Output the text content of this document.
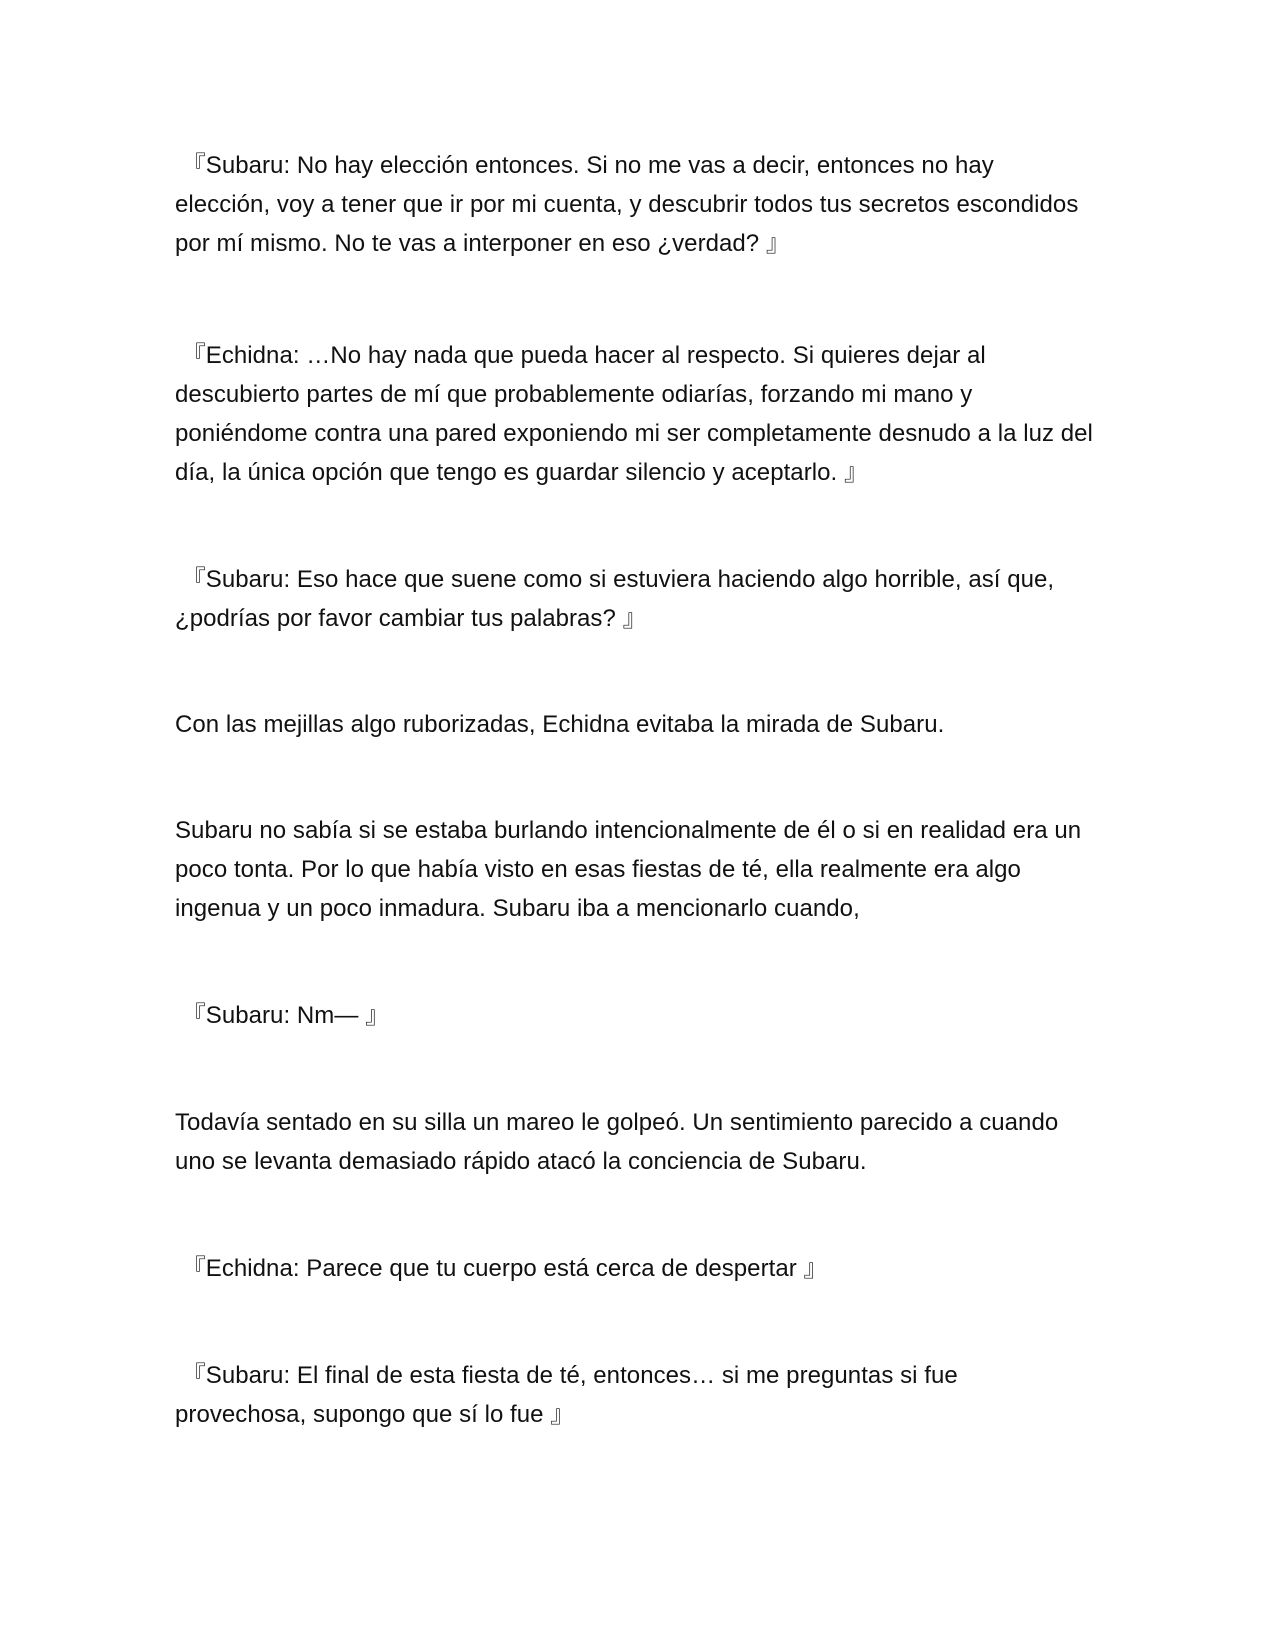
『Subaru: No hay elección entonces. Si no me vas a decir, entonces no hay elección, voy a tener que ir por mi cuenta, y descubrir todos tus secretos escondidos por mí mismo. No te vas a interponer en eso ¿verdad? 』

『Echidna: …No hay nada que pueda hacer al respecto. Si quieres dejar al descubierto partes de mí que probablemente odiarías, forzando mi mano y poniéndome contra una pared exponiendo mi ser completamente desnudo a la luz del día, la única opción que tengo es guardar silencio y aceptarlo. 』

『Subaru: Eso hace que suene como si estuviera haciendo algo horrible, así que, ¿podrías por favor cambiar tus palabras? 』

Con las mejillas algo ruborizadas, Echidna evitaba la mirada de Subaru.

Subaru no sabía si se estaba burlando intencionalmente de él o si en realidad era un poco tonta. Por lo que había visto en esas fiestas de té, ella realmente era algo ingenua y un poco inmadura. Subaru iba a mencionarlo cuando,

『Subaru: Nm— 』

Todavía sentado en su silla un mareo le golpeó. Un sentimiento parecido a cuando uno se levanta demasiado rápido atacó la conciencia de Subaru.

『Echidna: Parece que tu cuerpo está cerca de despertar 』

『Subaru: El final de esta fiesta de té, entonces… si me preguntas si fue provechosa, supongo que sí lo fue 』
